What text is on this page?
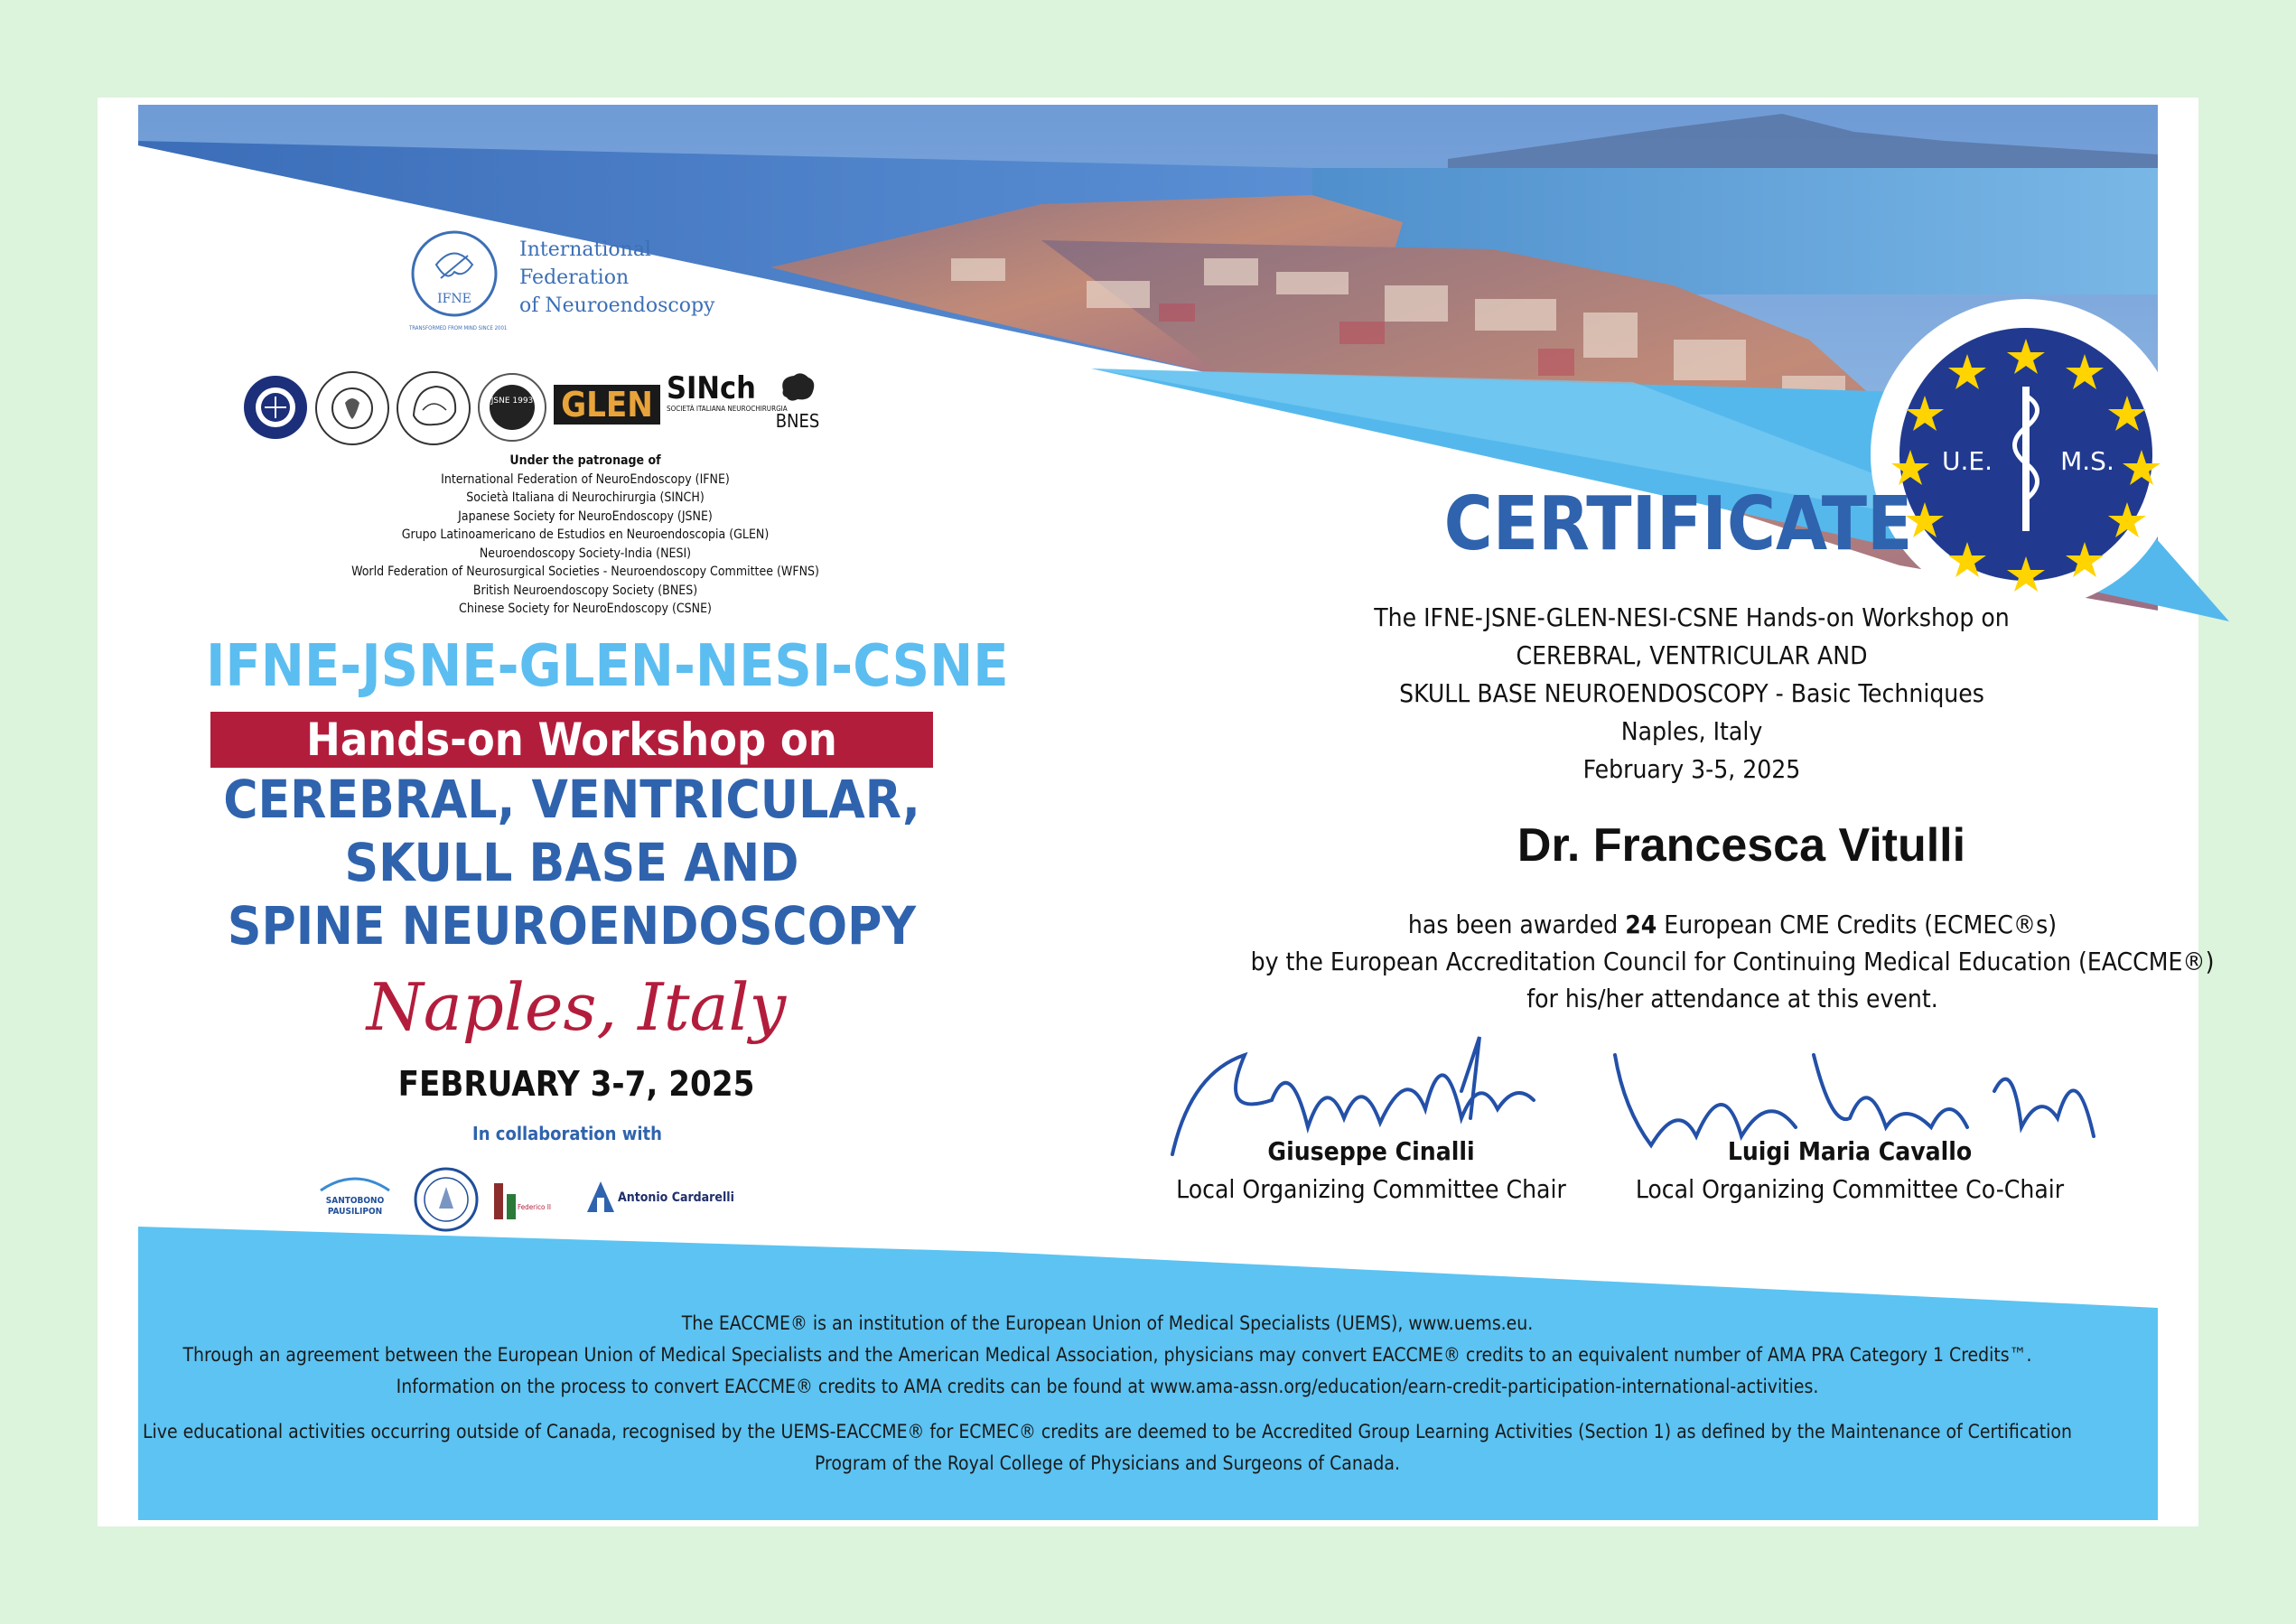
IFNE
International
Federation
of Neuroendoscopy
TRANSFORMED FROM MIND SINCE 2001
JSNE 1993 GLEN SINch
SOCIETÀ ITALIANA NEUROCHIRURGIA
BNES
Under the patronage of
International Federation of NeuroEndoscopy (IFNE)
Società Italiana di Neurochirurgia (SINCH)
Japanese Society for NeuroEndoscopy (JSNE)
Grupo Latinoamericano de Estudios en Neuroendoscopia (GLEN)
Neuroendoscopy Society-India (NESI)
World Federation of Neurosurgical Societies - Neuroendoscopy Committee (WFNS)
British Neuroendoscopy Society (BNES)
Chinese Society for NeuroEndoscopy (CSNE)
IFNE-JSNE-GLEN-NESI-CSNE
Hands-on Workshop on
CEREBRAL, VENTRICULAR,
SKULL BASE AND
SPINE NEUROENDOSCOPY
Naples, Italy
FEBRUARY 3-7, 2025
In collaboration with
SANTOBONO PAUSILIPON	Federico II
Antonio Cardarelli
U.E.	M.S.
CERTIFICATE
The IFNE-JSNE-GLEN-NESI-CSNE Hands-on Workshop on
CEREBRAL, VENTRICULAR AND
SKULL BASE NEUROENDOSCOPY - Basic Techniques
Naples, Italy
February 3-5, 2025
Dr. Francesca Vitulli
has been awarded 24 European CME Credits (ECMEC®s)
by the European Accreditation Council for Continuing Medical Education (EACCME®)
for his/her attendance at this event.
Giuseppe Cinalli
Local Organizing Committee Chair
Luigi Maria Cavallo
Local Organizing Committee Co-Chair
The EACCME® is an institution of the European Union of Medical Specialists (UEMS), www.uems.eu.
Through an agreement between the European Union of Medical Specialists and the American Medical Association, physicians may convert EACCME® credits to an equivalent number of AMA PRA Category 1 Credits™.
Information on the process to convert EACCME® credits to AMA credits can be found at www.ama-assn.org/education/earn-credit-participation-international-activities.
Live educational activities occurring outside of Canada, recognised by the UEMS-EACCME® for ECMEC® credits are deemed to be Accredited Group Learning Activities (Section 1) as defined by the Maintenance of Certification
Program of the Royal College of Physicians and Surgeons of Canada.
